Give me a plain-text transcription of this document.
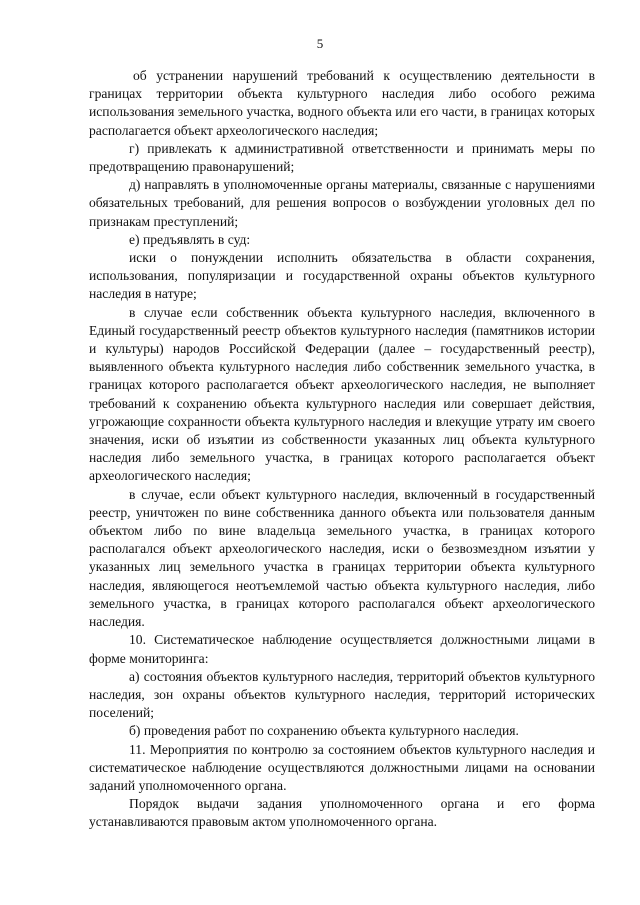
5

об устранении нарушений требований к осуществлению деятельности в границах территории объекта культурного наследия либо особого режима использования земельного участка, водного объекта или его части, в границах которых располагается объект археологического наследия;

г) привлекать к административной ответственности и принимать меры по предотвращению правонарушений;

д) направлять в уполномоченные органы материалы, связанные с нарушениями обязательных требований, для решения вопросов о возбуждении уголовных дел по признакам преступлений;

е) предъявлять в суд:

иски о понуждении исполнить обязательства в области сохранения, использования, популяризации и государственной охраны объектов культурного наследия в натуре;

в случае если собственник объекта культурного наследия, включенного в Единый государственный реестр объектов культурного наследия (памятников истории и культуры) народов Российской Федерации (далее – государственный реестр), выявленного объекта культурного наследия либо собственник земельного участка, в границах которого располагается объект археологического наследия, не выполняет требований к сохранению объекта культурного наследия или совершает действия, угрожающие сохранности объекта культурного наследия и влекущие утрату им своего значения, иски об изъятии из собственности указанных лиц объекта культурного наследия либо земельного участка, в границах которого располагается объект археологического наследия;

в случае, если объект культурного наследия, включенный в государственный реестр, уничтожен по вине собственника данного объекта или пользователя данным объектом либо по вине владельца земельного участка, в границах которого располагался объект археологического наследия, иски о безвозмездном изъятии у указанных лиц земельного участка в границах территории объекта культурного наследия, являющегося неотъемлемой частью объекта культурного наследия, либо земельного участка, в границах которого располагался объект археологического наследия.

10. Систематическое наблюдение осуществляется должностными лицами в форме мониторинга:

а) состояния объектов культурного наследия, территорий объектов культурного наследия, зон охраны объектов культурного наследия, территорий исторических поселений;

б) проведения работ по сохранению объекта культурного наследия.

11. Мероприятия по контролю за состоянием объектов культурного наследия и систематическое наблюдение осуществляются должностными лицами на основании заданий уполномоченного органа.

Порядок выдачи задания уполномоченного органа и его форма устанавливаются правовым актом уполномоченного органа.
